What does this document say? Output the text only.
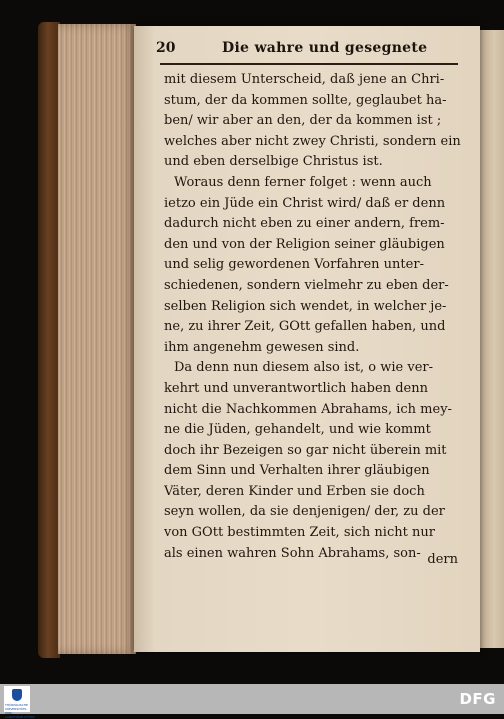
20	Die wahre und gesegnete
mit diesem Unterscheid, daß jene an Chri-
stum, der da kommen sollte, geglaubet ha-
ben/ wir aber an den, der da kommen ist ;
welches aber nicht zwey Christi, sondern ein
und eben derselbige Christus ist.
Woraus denn ferner folget : wenn auch
ietzo ein Jüde ein Christ wird/ daß er denn
dadurch nicht eben zu einer andern, frem-
den und von der Religion seiner gläubigen
und selig gewordenen Vorfahren unter-
schiedenen, sondern vielmehr zu eben der-
selben Religion sich wendet, in welcher je-
ne, zu ihrer Zeit, GOtt gefallen haben, und
ihm angenehm gewesen sind.
Da denn nun diesem also ist, o wie ver-
kehrt und unverantwortlich haben denn
nicht die Nachkommen Abrahams, ich mey-
ne die Jüden, gehandelt, und wie kommt
doch ihr Bezeigen so gar nicht überein mit
dem Sinn und Verhalten ihrer gläubigen
Väter, deren Kinder und Erben sie doch
seyn wollen, da sie denjenigen/ der, zu der
von GOtt bestimmten Zeit, sich nicht nur
als einen wahren Sohn Abrahams, son- dern
THÜRINGISCHE UNIVERSITÄTS- UND LANDESBIBLIOTHEK
DFG
